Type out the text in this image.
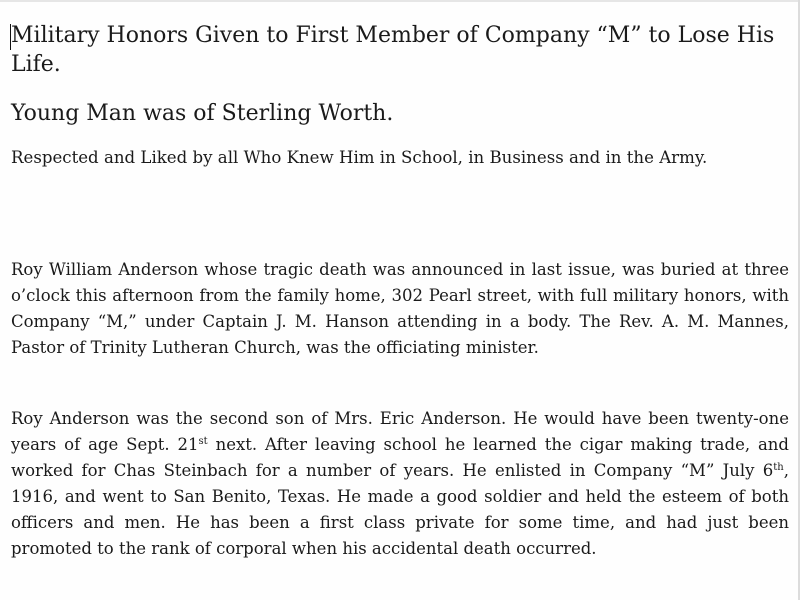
Military Honors Given to First Member of Company “M” to Lose His Life.
Young Man was of Sterling Worth.

Respected and Liked by all Who Knew Him in School, in Business and in the Army.

Roy William Anderson whose tragic death was announced in last issue, was buried at three o’clock this afternoon from the family home, 302 Pearl street, with full military honors, with Company “M,” under Captain J. M. Hanson attending in a body. The Rev. A. M. Mannes, Pastor of Trinity Lutheran Church, was the officiating minister.

Roy Anderson was the second son of Mrs. Eric Anderson. He would have been twenty-one years of age Sept. 21st next. After leaving school he learned the cigar making trade, and worked for Chas Steinbach for a number of years. He enlisted in Company “M” July 6th, 1916, and went to San Benito, Texas. He made a good soldier and held the esteem of both officers and men. He has been a first class private for some time, and had just been promoted to the rank of corporal when his accidental death occurred.
